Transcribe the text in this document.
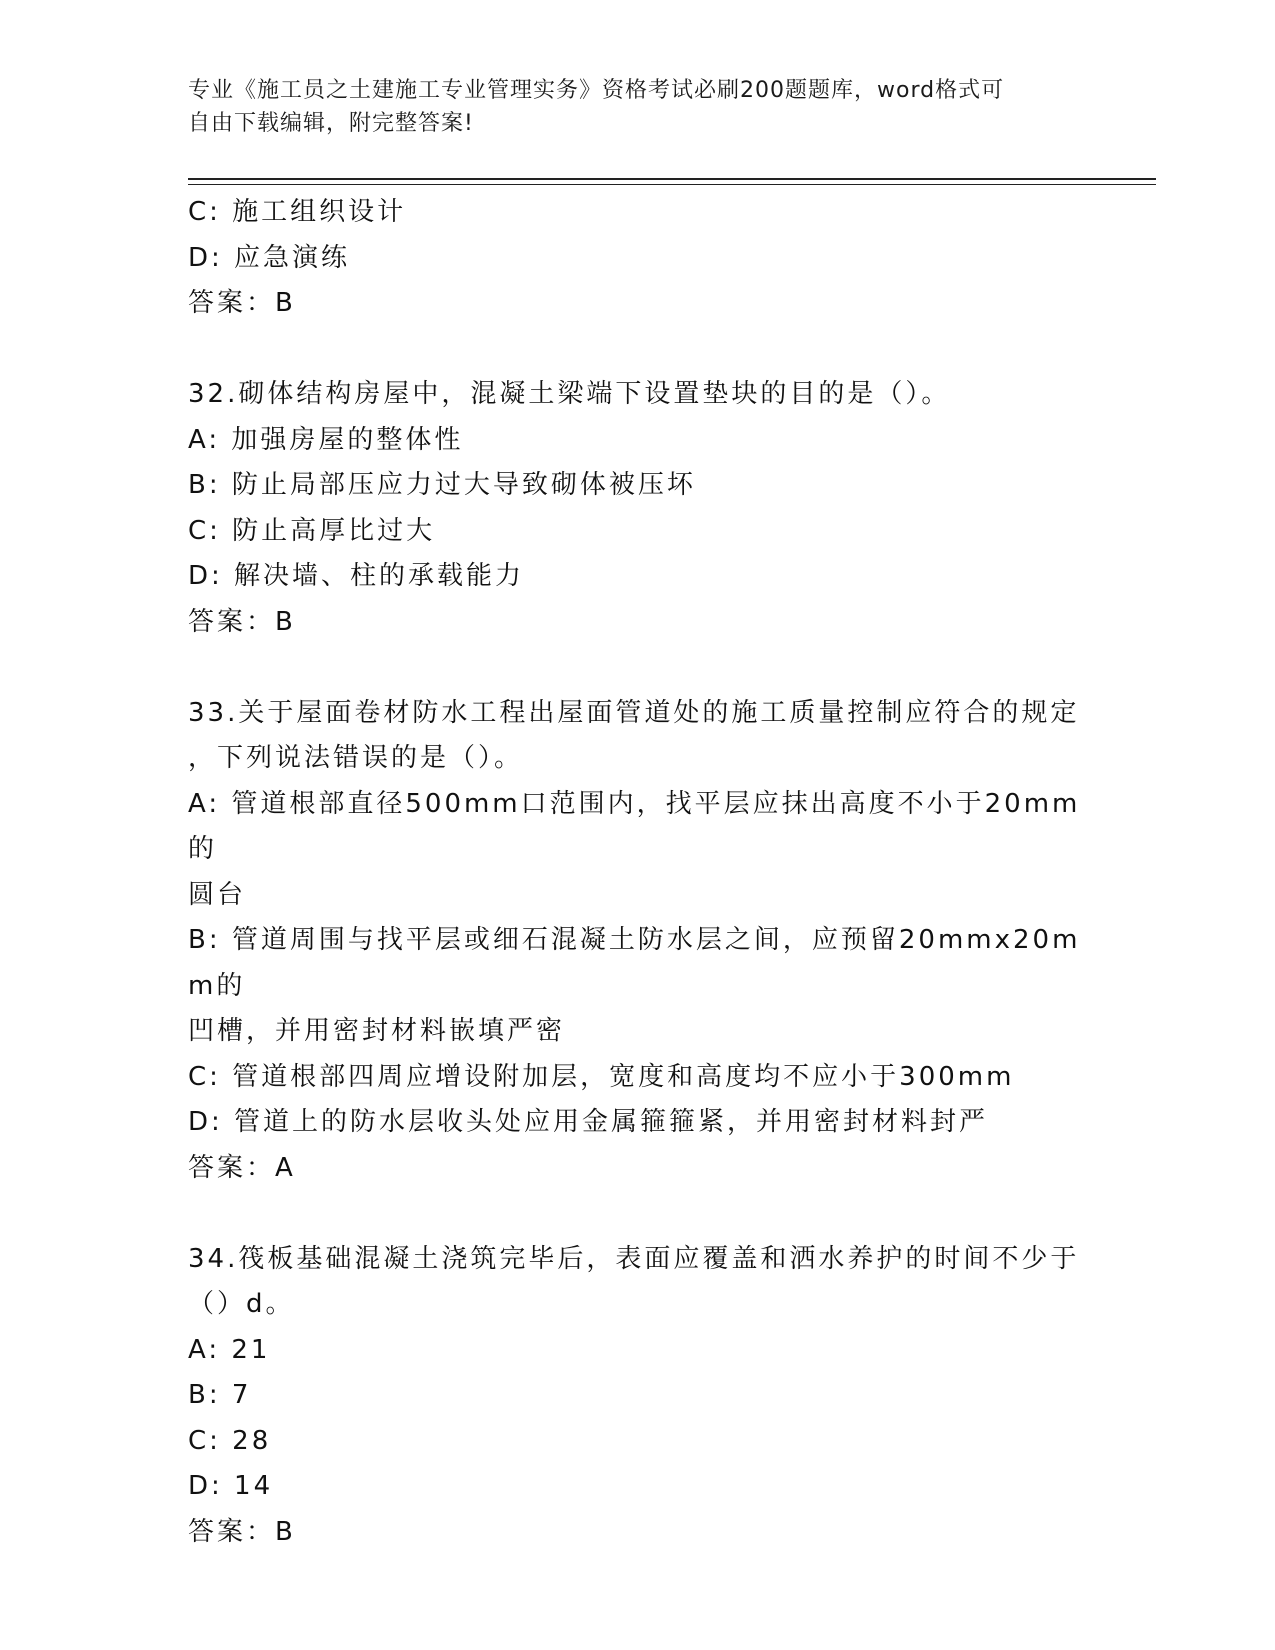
专业《施工员之土建施工专业管理实务》资格考试必刷200题题库，word格式可
自由下载编辑，附完整答案!

C: 施工组织设计

D: 应急演练

答案：B

32.砌体结构房屋中，混凝土梁端下设置垫块的目的是（）。

A: 加强房屋的整体性

B: 防止局部压应力过大导致砌体被压坏

C: 防止高厚比过大

D: 解决墙、柱的承载能力

答案：B

33.关于屋面卷材防水工程出屋面管道处的施工质量控制应符合的规定

，下列说法错误的是（）。

A: 管道根部直径500mm口范围内，找平层应抹出高度不小于20mm的

圆台

B: 管道周围与找平层或细石混凝土防水层之间，应预留20mmx20mm的

凹槽，并用密封材料嵌填严密

C: 管道根部四周应增设附加层，宽度和高度均不应小于300mm

D: 管道上的防水层收头处应用金属箍箍紧，并用密封材料封严

答案：A

34.筏板基础混凝土浇筑完毕后，表面应覆盖和洒水养护的时间不少于

（）d。

A: 21

B: 7

C: 28

D: 14

答案：B
